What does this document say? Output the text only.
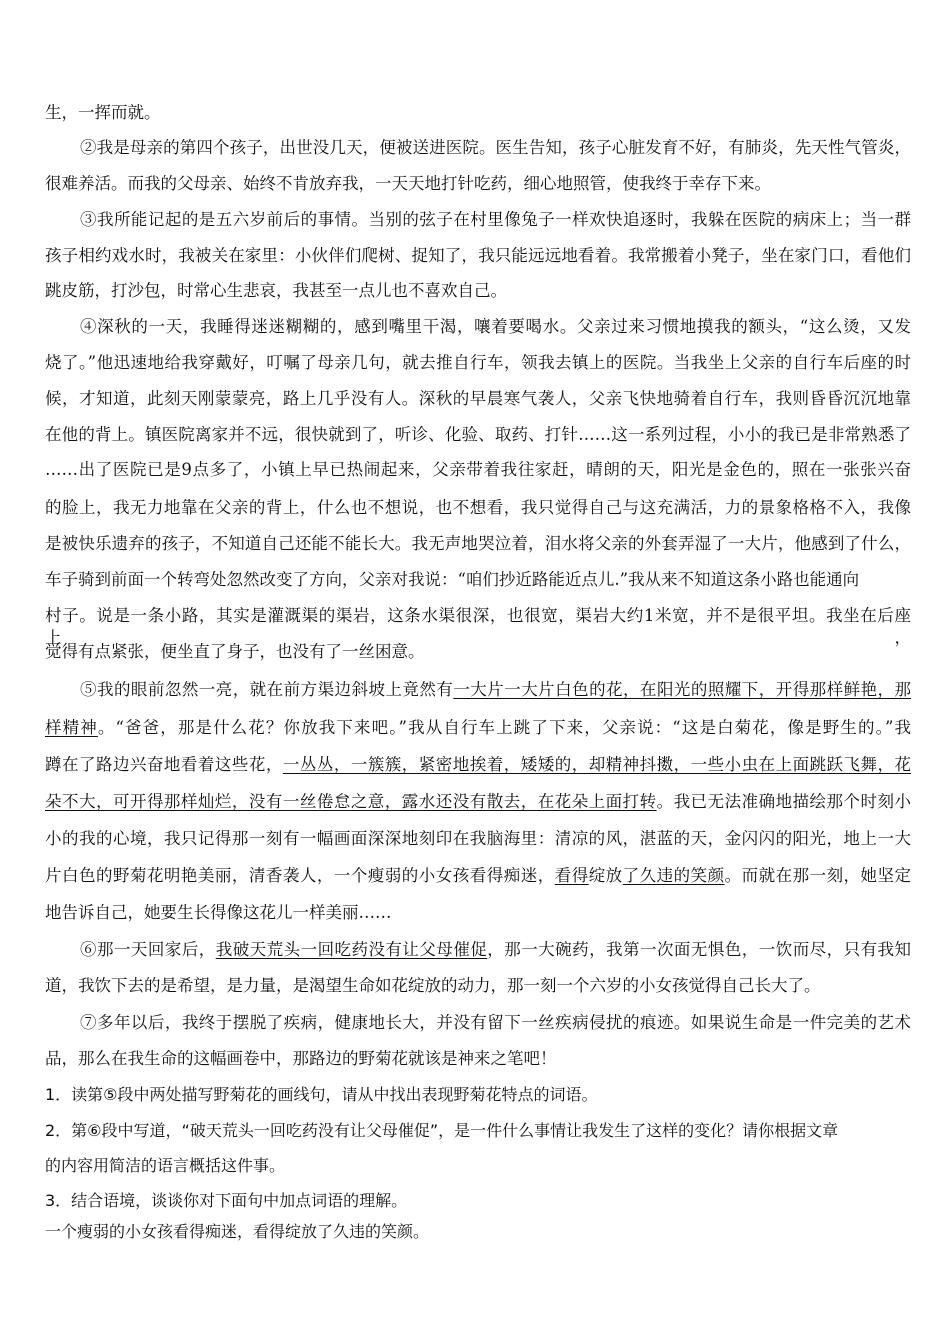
生，一挥而就。
②我是母亲的第四个孩子，出世没几天，便被送进医院。医生告知，孩子心脏发育不好，有肺炎，先天性气管炎，
很难养活。而我的父母亲、始终不肯放弃我，一天天地打针吃药，细心地照管，使我终于幸存下来。
③我所能记起的是五六岁前后的事情。当别的弦子在村里像兔子一样欢快追逐时，我躲在医院的病床上；当一群
孩子相约戏水时，我被关在家里：小伙伴们爬树、捉知了，我只能远远地看着。我常搬着小凳子，坐在家门口，看他们
跳皮筋，打沙包，时常心生悲哀，我甚至一点儿也不喜欢自己。
④深秋的一天，我睡得迷迷糊糊的，感到嘴里干渴，嚷着要喝水。父亲过来习惯地摸我的额头，“这么烫，又发
烧了。”他迅速地给我穿戴好，叮嘱了母亲几句，就去推自行车，领我去镇上的医院。当我坐上父亲的自行车后座的时
候，才知道，此刻天刚蒙蒙亮，路上几乎没有人。深秋的早晨寒气袭人，父亲飞快地骑着自行车，我则昏昏沉沉地靠
在他的背上。镇医院离家并不远，很快就到了，听诊、化验、取药、打针……这一系列过程，小小的我已是非常熟悉了
……出了医院已是9点多了，小镇上早已热闹起来，父亲带着我往家赶，晴朗的天，阳光是金色的，照在一张张兴奋
的脸上，我无力地靠在父亲的背上，什么也不想说，也不想看，我只觉得自己与这充满活，力的景象格格不入，我像
是被快乐遗弃的孩子，不知道自己还能不能长大。我无声地哭泣着，泪水将父亲的外套弄湿了一大片，他感到了什么，
车子骑到前面一个转弯处忽然改变了方向，父亲对我说：“咱们抄近路能近点儿.”我从来不知道这条小路也能通向
村子。说是一条小路，其实是灌溉渠的渠岩，这条水渠很深，也很宽，渠岩大约1米宽，并不是很平坦。我坐在后座上，
觉得有点紧张，便坐直了身子，也没有了一丝困意。
⑤我的眼前忽然一亮，就在前方渠边斜坡上竟然有一大片一大片白色的花，在阳光的照耀下，开得那样鲜艳，那
样精神。“爸爸，那是什么花？你放我下来吧。”我从自行车上跳了下来，父亲说：“这是白菊花，像是野生的。”我
蹲在了路边兴奋地看着这些花，一丛丛，一簇簇，紧密地挨着，矮矮的，却精神抖擞，一些小虫在上面跳跃飞舞，花
朵不大，可开得那样灿烂，没有一丝倦怠之意，露水还没有散去，在花朵上面打转。我已无法准确地描绘那个时刻小
小的我的心境，我只记得那一刻有一幅画面深深地刻印在我脑海里：清凉的风，湛蓝的天，金闪闪的阳光，地上一大
片白色的野菊花明艳美丽，清香袭人，一个瘦弱的小女孩看得痴迷，看得绽放了久违的笑颜。而就在那一刻，她坚定
地告诉自己，她要生长得像这花儿一样美丽……
⑥那一天回家后，我破天荒头一回吃药没有让父母催促，那一大碗药，我第一次面无惧色，一饮而尽，只有我知
道，我饮下去的是希望，是力量，是渴望生命如花绽放的动力，那一刻一个六岁的小女孩觉得自己长大了。
⑦多年以后，我终于摆脱了疾病，健康地长大，并没有留下一丝疾病侵扰的痕迹。如果说生命是一件完美的艺术
品，那么在我生命的这幅画卷中，那路边的野菊花就该是神来之笔吧！
1．读第⑤段中两处描写野菊花的画线句，请从中找出表现野菊花特点的词语。
2．第⑥段中写道，“破天荒头一回吃药没有让父母催促”，是一件什么事情让我发生了这样的变化？请你根据文章
的内容用简洁的语言概括这件事。
3．结合语境，谈谈你对下面句中加点词语的理解。
一个瘦弱的小女孩看得痴迷，看得绽放了久违的笑颜。
